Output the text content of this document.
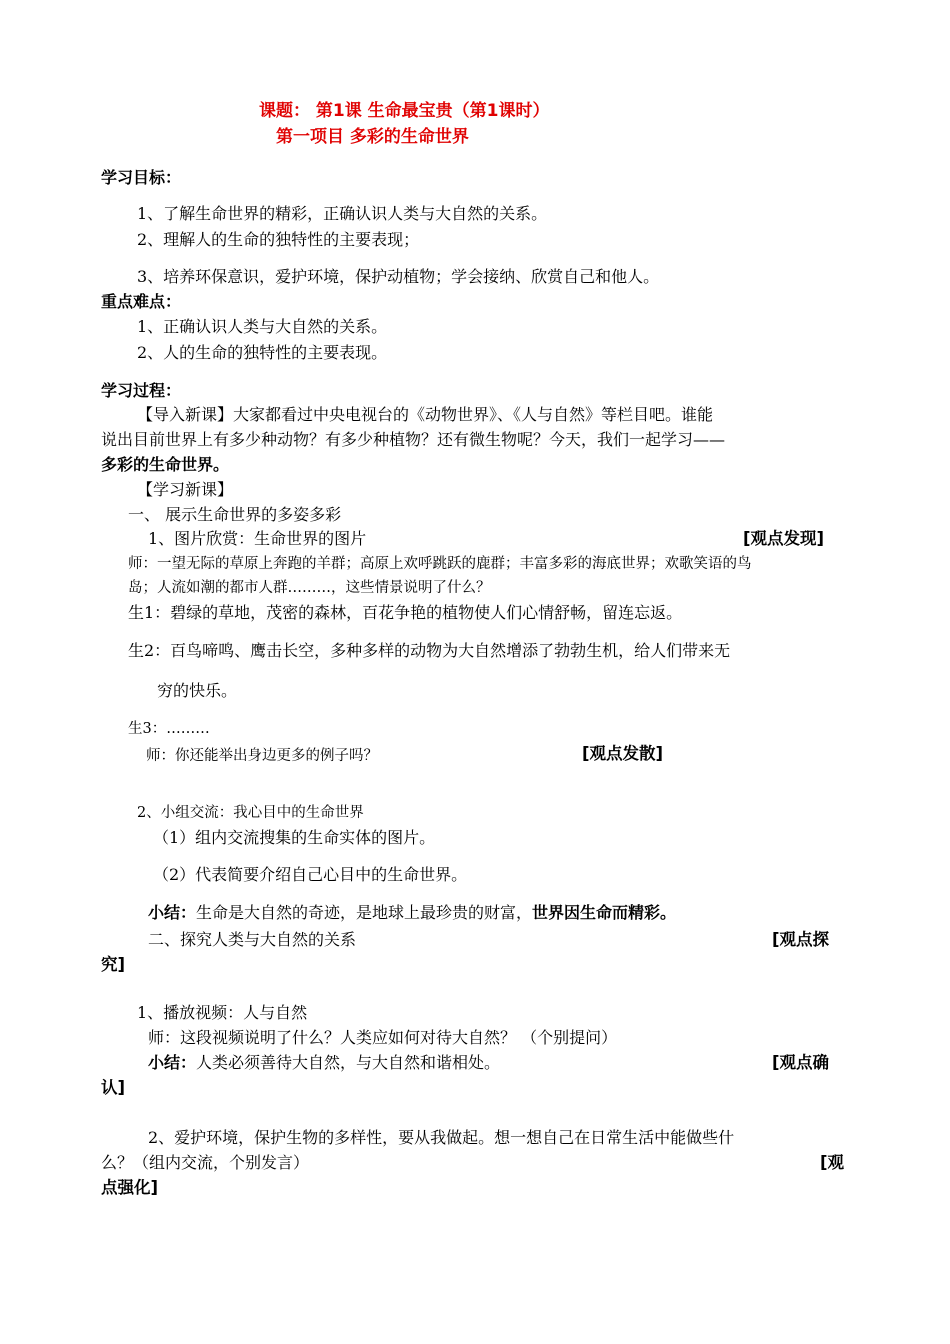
课题： 第1课 生命最宝贵（第1课时）
第一项目 多彩的生命世界
学习目标：
1、了解生命世界的精彩，正确认识人类与大自然的关系。
2、理解人的生命的独特性的主要表现；
3、培养环保意识，爱护环境，保护动植物；学会接纳、欣赏自己和他人。
重点难点：
1、正确认识人类与大自然的关系。
2、人的生命的独特性的主要表现。
学习过程：
【导入新课】大家都看过中央电视台的《动物世界》、《人与自然》等栏目吧。谁能
说出目前世界上有多少种动物？有多少种植物？还有微生物呢？今天，我们一起学习——
多彩的生命世界。
【学习新课】
一、 展示生命世界的多姿多彩
1、图片欣赏：生命世界的图片	[观点发现]
师：一望无际的草原上奔跑的羊群；高原上欢呼跳跃的鹿群；丰富多彩的海底世界；欢歌笑语的鸟
岛；人流如潮的都市人群………，这些情景说明了什么？
生1：碧绿的草地，茂密的森林，百花争艳的植物使人们心情舒畅，留连忘返。
生2：百鸟啼鸣、鹰击长空，多种多样的动物为大自然增添了勃勃生机，给人们带来无
穷的快乐。
生3：………
师：你还能举出身边更多的例子吗？	[观点发散]
2、小组交流：我心目中的生命世界
（1）组内交流搜集的生命实体的图片。
（2）代表简要介绍自己心目中的生命世界。
小结：生命是大自然的奇迹，是地球上最珍贵的财富，世界因生命而精彩。
二、探究人类与大自然的关系	[观点探
究]
1、播放视频：人与自然
师：这段视频说明了什么？人类应如何对待大自然？ （个别提问）
小结：人类必须善待大自然，与大自然和谐相处。	[观点确
认]
2、爱护环境，保护生物的多样性，要从我做起。想一想自己在日常生活中能做些什
么？（组内交流，个别发言）	[观
点强化]
